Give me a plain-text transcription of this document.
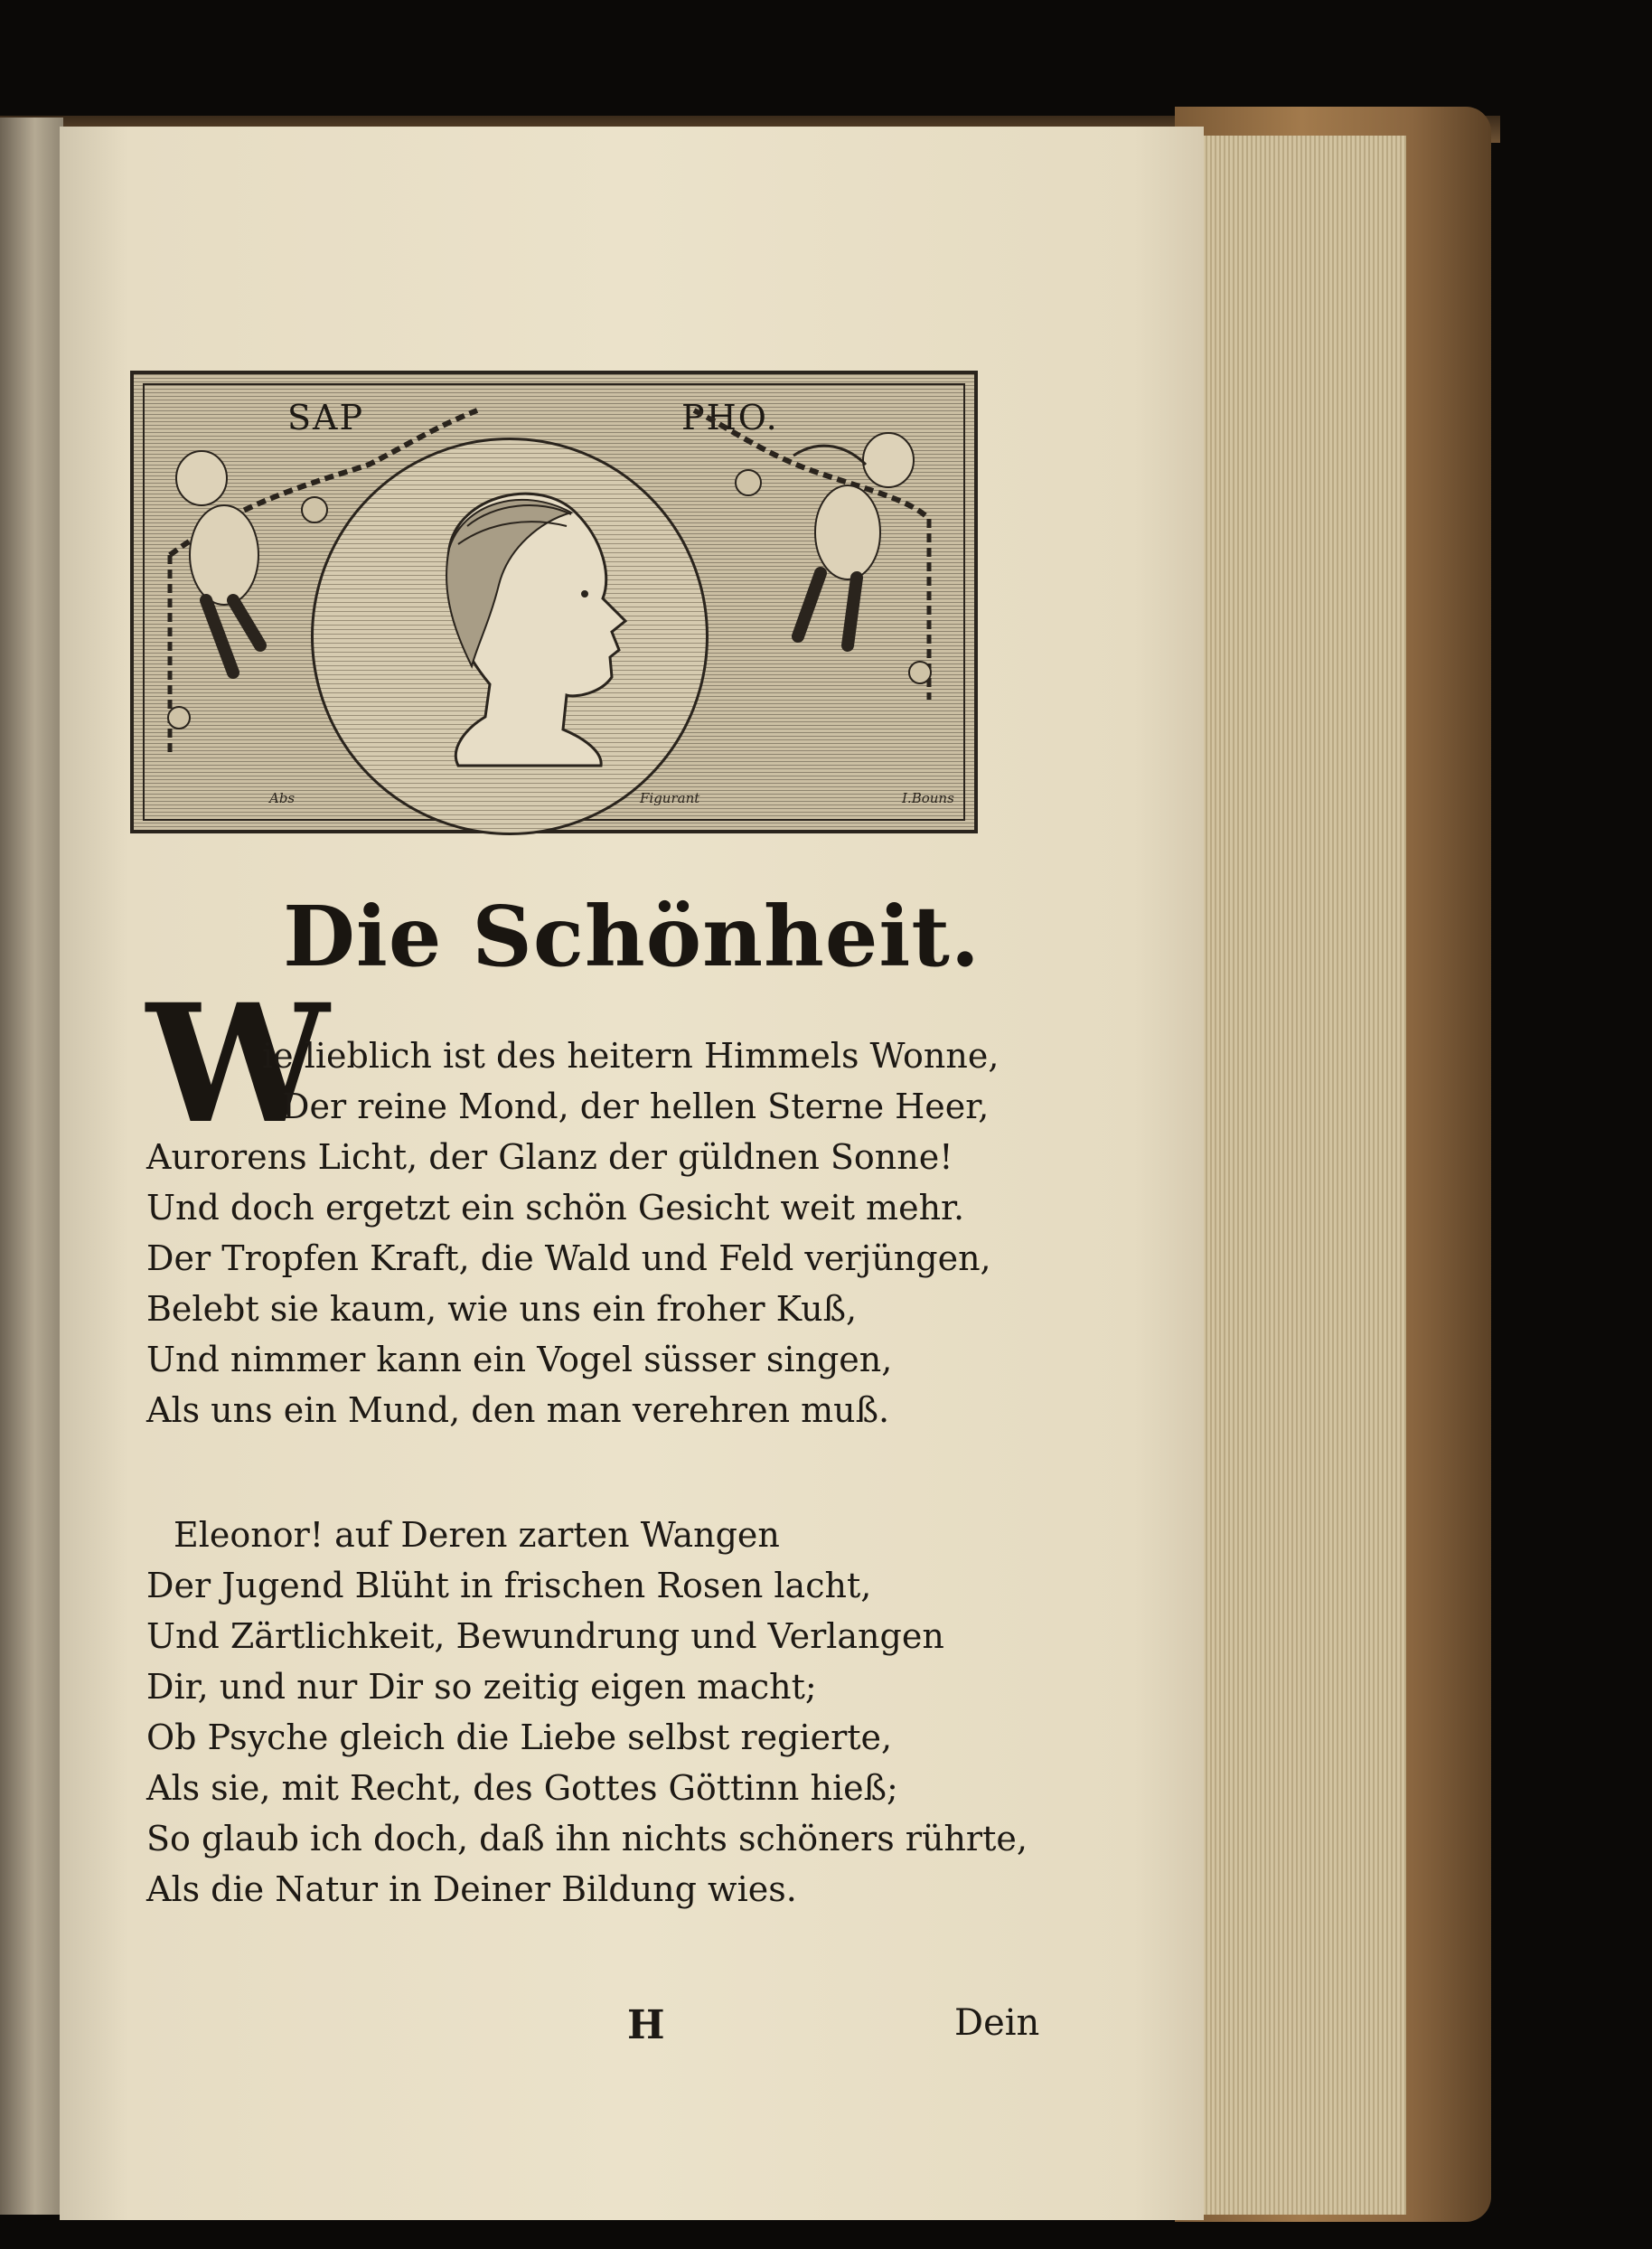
SAP	PHO.
Abs	Figurant	I.Bouns
Die Schönheit.
W
ie lieblich ist des heitern Himmels Wonne,
Der reine Mond, der hellen Sterne Heer,
Aurorens Licht, der Glanz der güldnen Sonne!
Und doch ergetzt ein schön Gesicht weit mehr.
Der Tropfen Kraft, die Wald und Feld verjüngen,
Belebt sie kaum, wie uns ein froher Kuß,
Und nimmer kann ein Vogel süsser singen,
Als uns ein Mund, den man verehren muß.
Eleonor! auf Deren zarten Wangen
Der Jugend Blüht in frischen Rosen lacht,
Und Zärtlichkeit, Bewundrung und Verlangen
Dir, und nur Dir so zeitig eigen macht;
Ob Psyche gleich die Liebe selbst regierte,
Als sie, mit Recht, des Gottes Göttinn hieß;
So glaub ich doch, daß ihn nichts schöners rührte,
Als die Natur in Deiner Bildung wies.
H	Dein
